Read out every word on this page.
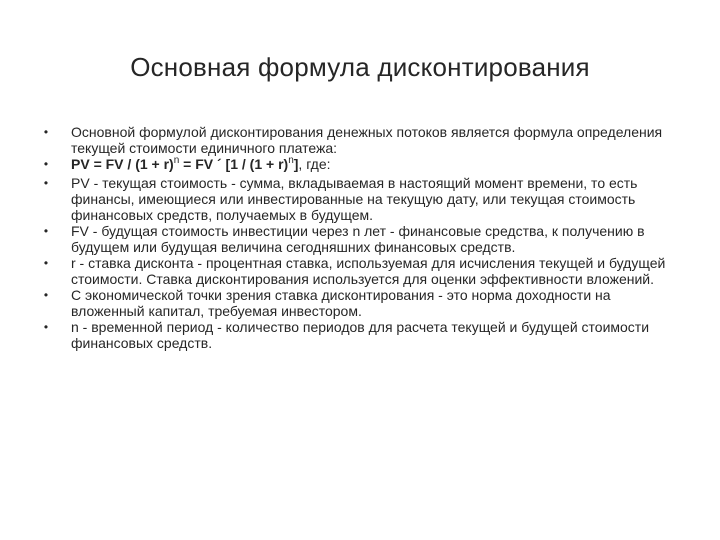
Основная формула дисконтирования
• Основной формулой дисконтирования денежных потоков является формула определения текущей стоимости единичного платежа:
• PV = FV / $(1 + r)^n$ = FV ´ $[1 / (1 + r)^n]$, где:
• PV - текущая стоимость - сумма, вкладываемая в настоящий момент времени, то есть финансы, имеющиеся или инвестированные на текущую дату, или текущая стоимость финансовых средств, получаемых в будущем.
• FV - будущая стоимость инвестиции через n лет - финансовые средства, к получению в будущем или будущая величина сегодняшних финансовых средств.
• r - ставка дисконта - процентная ставка, используемая для исчисления текущей и будущей стоимости. Ставка дисконтирования используется для оценки эффективности вложений.
• С экономической точки зрения ставка дисконтирования - это норма доходности на вложенный капитал, требуемая инвестором.
• n - временной период - количество периодов для расчета текущей и будущей стоимости финансовых средств.
